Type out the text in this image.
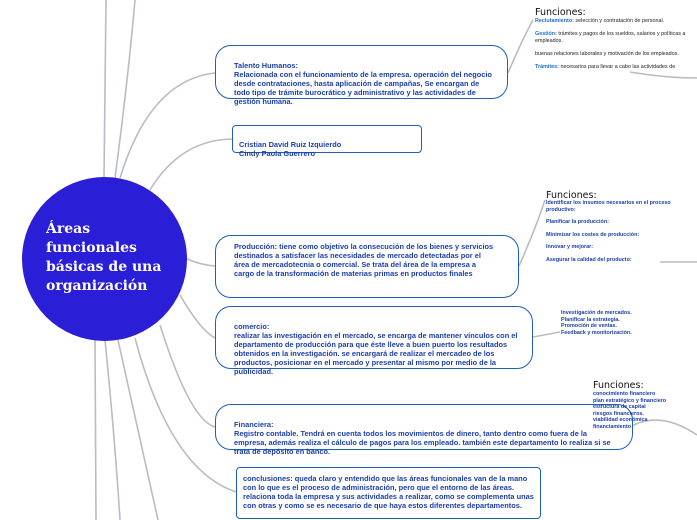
Áreas funcionales básicas de una organización

Talento Humanos:
Relacionada con el funcionamiento de la empresa. operación del negocio desde contrataciones, hasta aplicación de campañas, Se encargan de todo tipo de trámite burocrático y administrativo y las actividades de gestión humana.

Cristian David Ruiz Izquierdo
Cindy Paola Guerrero

Producción: tiene como objetivo la consecución de los bienes y servicios destinados a satisfacer las necesidades de mercado detectadas por el área de mercadotecnia o comercial. Se trata del área de la empresa a cargo de la transformación de materias primas en productos finales

comercio:
realizar las investigación en el mercado, se encarga de mantener vínculos con el departamento de producción para que éste lleve a buen puerto los resultados obtenidos en la investigación. se encargará de realizar el mercadeo de los productos, posicionar en el mercado y presentar al mismo por medio de la publicidad.

Financiera:
Registro contable. Tendrá en cuenta todos los movimientos de dinero, tanto dentro como fuera de la empresa, además realiza el cálculo de pagos para los empleado. también este departamento lo realiza si se trata de depósito en banco.

conclusiones: queda claro y entendido que las áreas funcionales van de la mano con lo que es el proceso de administración, pero que el entorno de las áreas. relaciona toda la empresa y sus actividades a realizar, como se complementa unas con otras y como se es necesario de que haya estos diferentes departamentos.
Funciones:
Reclutamiento: selección y contratación de personal.
Gestión: trámites y pagos de los sueldos, salarios y políticas a empleados.
buenas relaciones laborales y motivación de los empleados.
Trámites: necesarios para llevar a cabo las actividades de
Funciones:
Identificar los insumos necesarios en el proceso productivo:
Planificar la producción:
Minimizar los costes de producción:
Innovar y mejorar:
Asegurar la calidad del producto:
Investigación de mercados.
Planificar la estrategia.
Promoción de ventas.
Feedback y monitorización.
Funciones:
conocimiento financiero
plan estratégico y financiero
estructura de capital
riesgos financieros.
viabilidad económica
financiamiento
